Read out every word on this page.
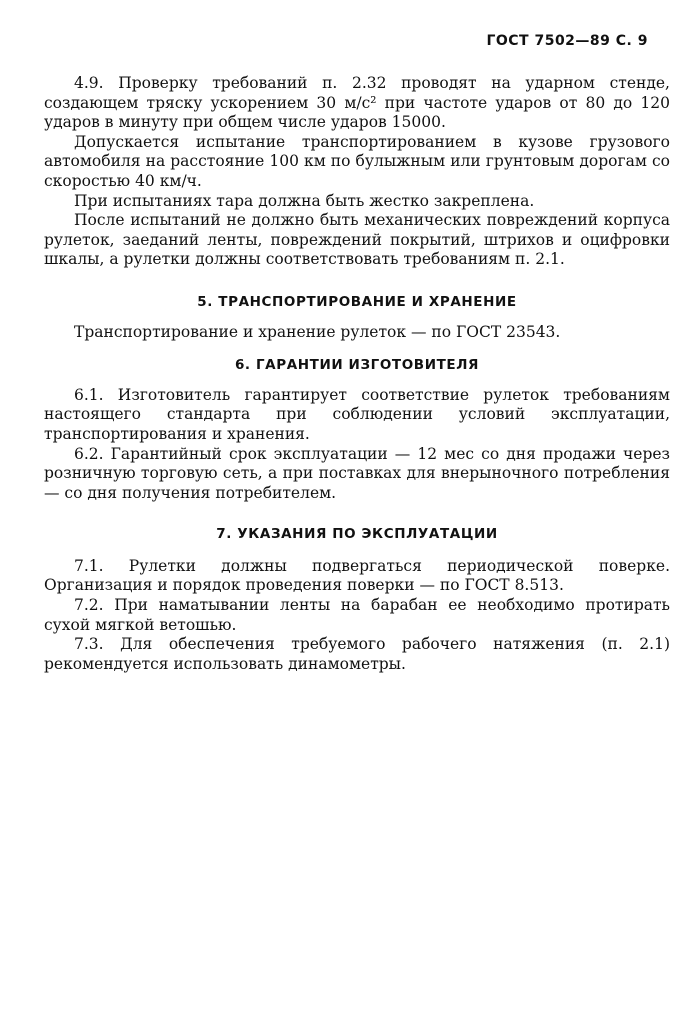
ГОСТ 7502—89 С. 9

4.9. Проверку требований п. 2.32 проводят на ударном стенде, создающем тряску ускорением 30 м/с² при частоте ударов от 80 до 120 ударов в минуту при общем числе ударов 15000.

Допускается испытание транспортированием в кузове грузового автомобиля на расстояние 100 км по булыжным или грунтовым дорогам со скоростью 40 км/ч.

При испытаниях тара должна быть жестко закреплена.

После испытаний не должно быть механических повреждений корпуса рулеток, заеданий ленты, повреждений покрытий, штрихов и оцифровки шкалы, а рулетки должны соответствовать требованиям п. 2.1.

5. ТРАНСПОРТИРОВАНИЕ И ХРАНЕНИЕ

Транспортирование и хранение рулеток — по ГОСТ 23543.

6. ГАРАНТИИ ИЗГОТОВИТЕЛЯ

6.1. Изготовитель гарантирует соответствие рулеток требованиям настоящего стандарта при соблюдении условий эксплуатации, транспортирования и хранения.

6.2. Гарантийный срок эксплуатации — 12 мес со дня продажи через розничную торговую сеть, а при поставках для внерыночного потребления — со дня получения потребителем.

7. УКАЗАНИЯ ПО ЭКСПЛУАТАЦИИ

7.1. Рулетки должны подвергаться периодической поверке. Организация и порядок проведения поверки — по ГОСТ 8.513.

7.2. При наматывании ленты на барабан ее необходимо протирать сухой мягкой ветошью.

7.3. Для обеспечения требуемого рабочего натяжения (п. 2.1) рекомендуется использовать динамометры.
